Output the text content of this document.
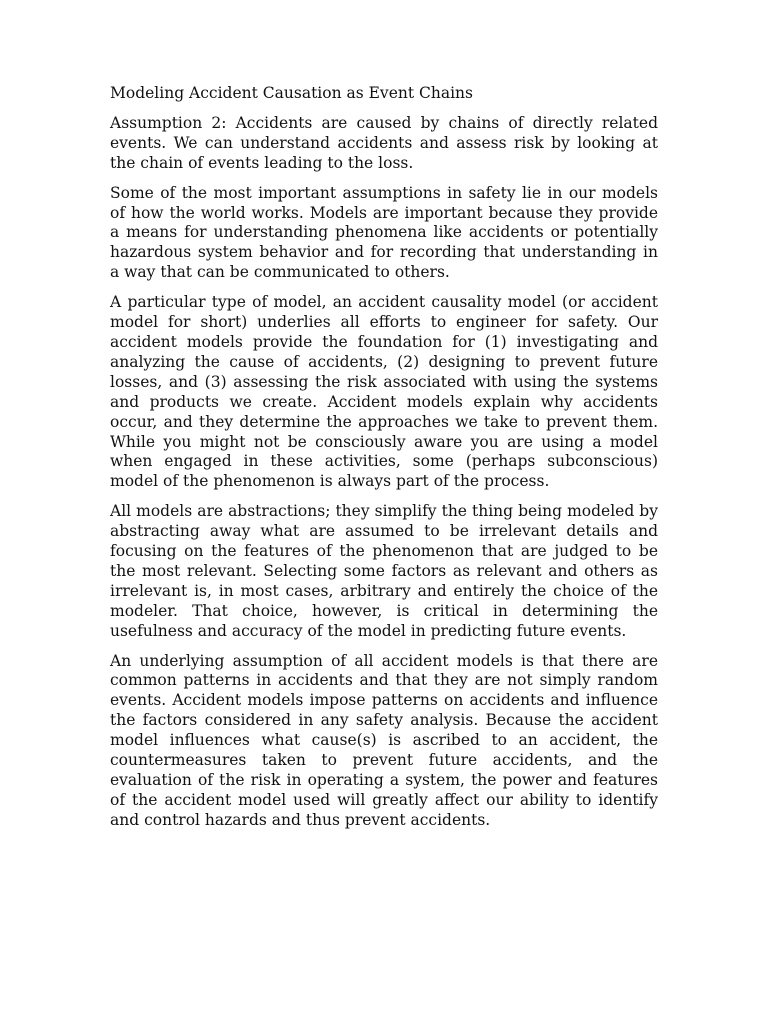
Modeling Accident Causation as Event Chains

Assumption 2: Accidents are caused by chains of directly related events. We can understand accidents and assess risk by looking at the chain of events leading to the loss.

Some of the most important assumptions in safety lie in our models of how the world works. Models are important because they provide a means for understanding phenomena like accidents or potentially hazardous system behavior and for recording that understanding in a way that can be communicated to others.

A particular type of model, an accident causality model (or accident model for short) underlies all efforts to engineer for safety. Our accident models provide the foundation for (1) investigating and analyzing the cause of accidents, (2) designing to prevent future losses, and (3) assessing the risk associated with using the systems and products we create. Accident models explain why accidents occur, and they determine the approaches we take to prevent them. While you might not be consciously aware you are using a model when engaged in these activities, some (perhaps subconscious) model of the phenomenon is always part of the process.

All models are abstractions; they simplify the thing being modeled by abstracting away what are assumed to be irrelevant details and focusing on the features of the phenomenon that are judged to be the most relevant. Selecting some factors as relevant and others as irrelevant is, in most cases, arbitrary and entirely the choice of the modeler. That choice, however, is critical in determining the usefulness and accuracy of the model in predicting future events.

An underlying assumption of all accident models is that there are common patterns in accidents and that they are not simply random events. Accident models impose patterns on accidents and influence the factors considered in any safety analysis. Because the accident model influences what cause(s) is ascribed to an accident, the countermeasures taken to prevent future accidents, and the evaluation of the risk in operating a system, the power and features of the accident model used will greatly affect our ability to identify and control hazards and thus prevent accidents.
